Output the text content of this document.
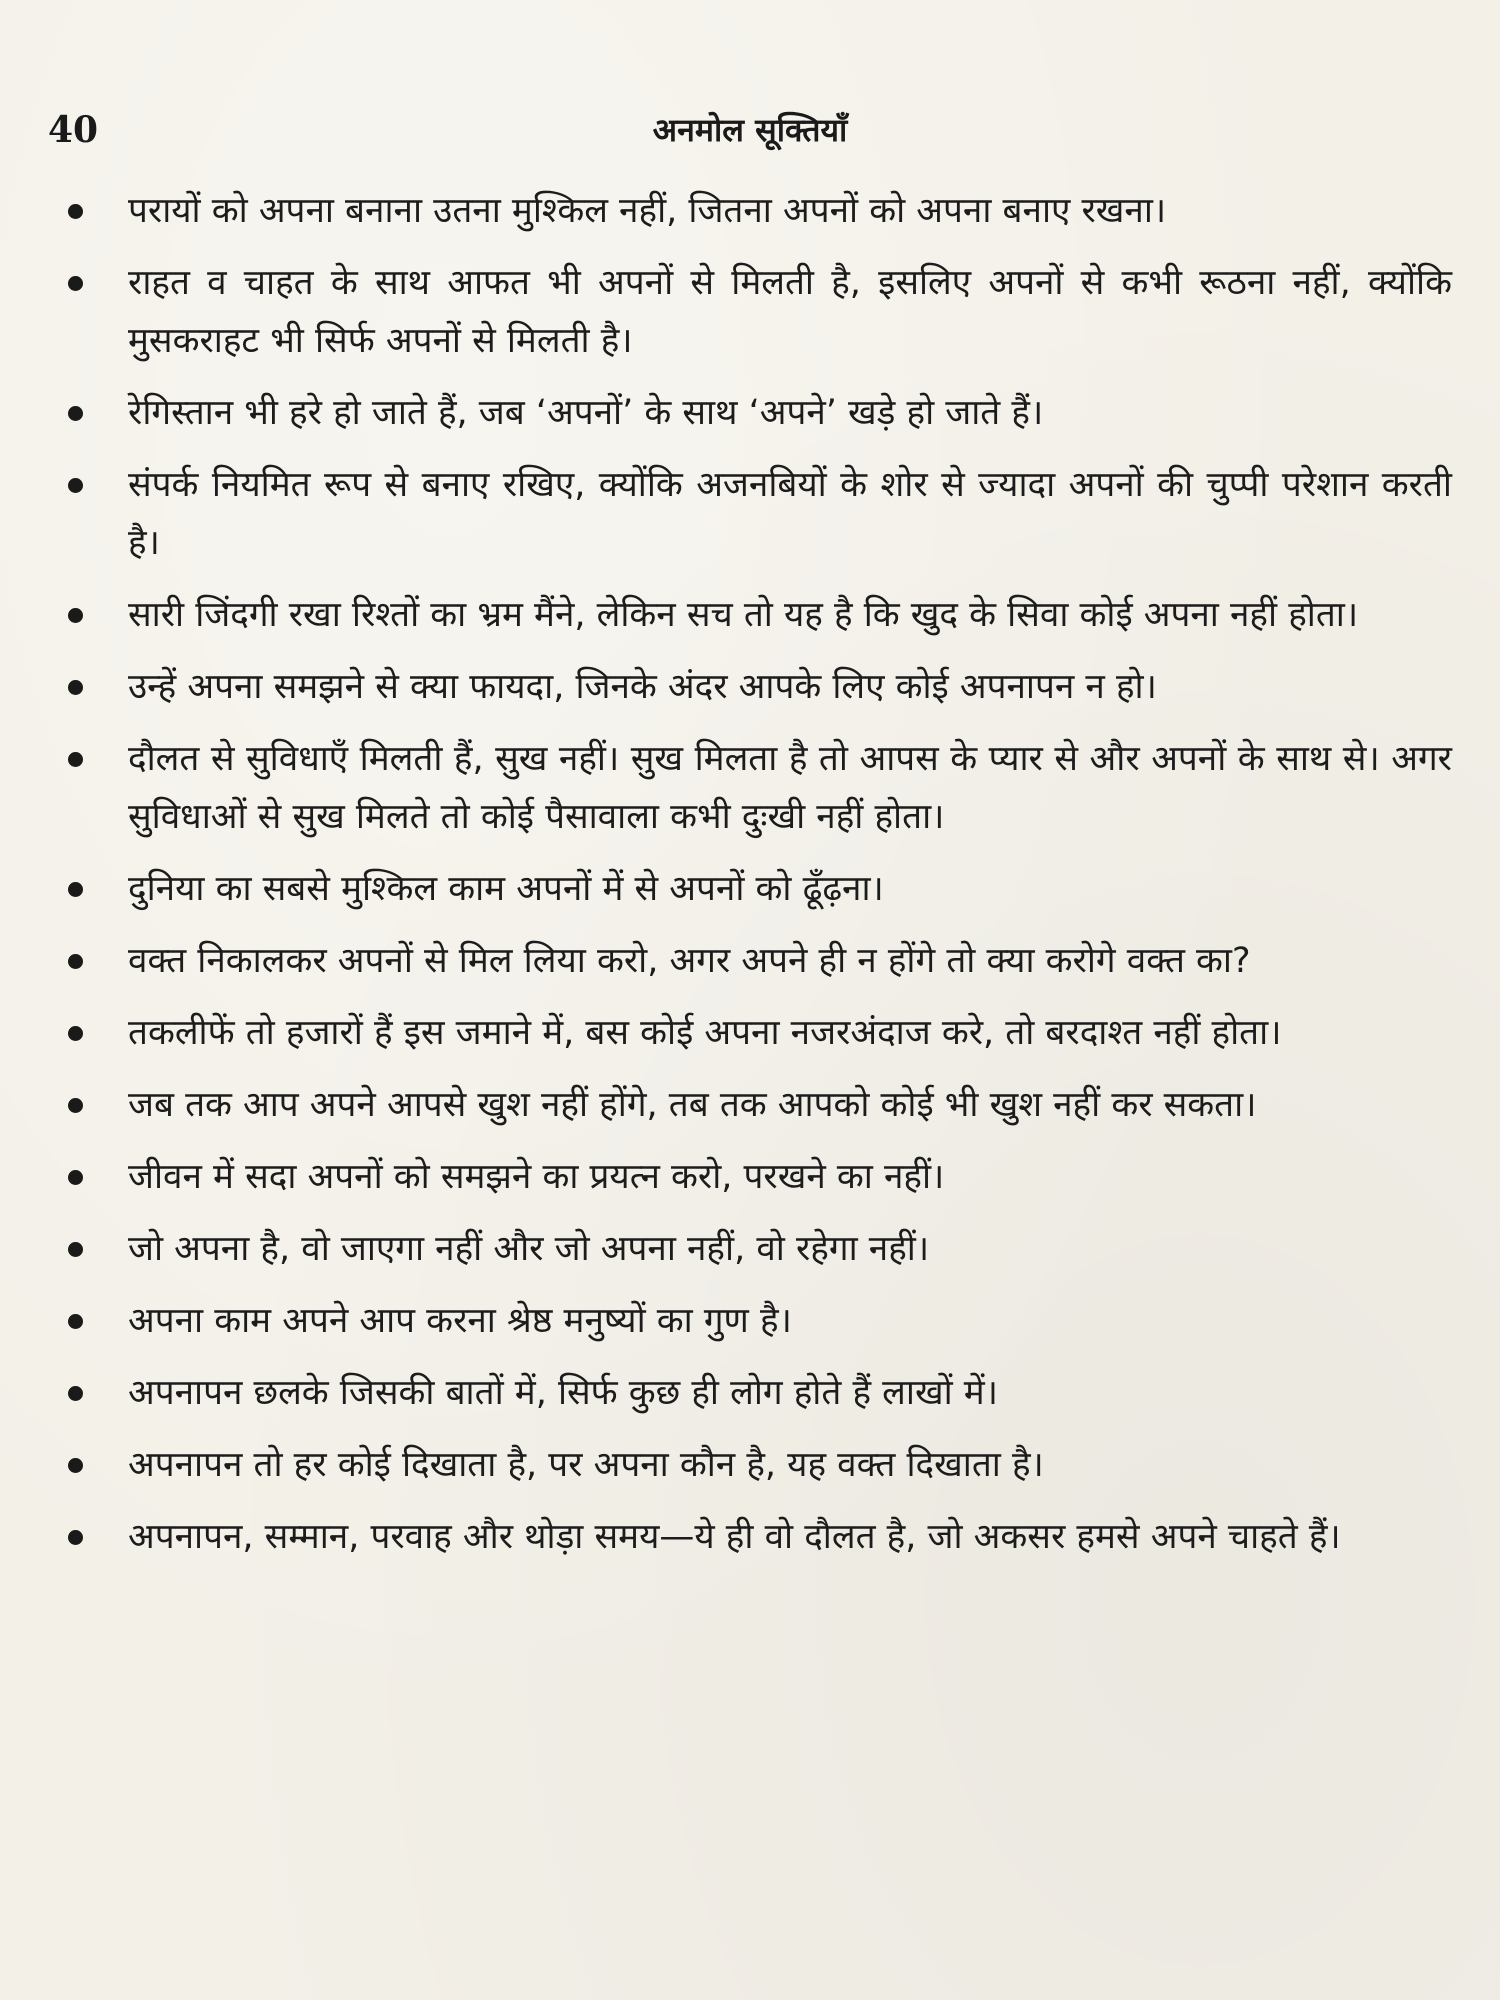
40	अनमोल सूक्तियाँ
परायों को अपना बनाना उतना मुश्किल नहीं, जितना अपनों को अपना बनाए रखना।
राहत व चाहत के साथ आफत भी अपनों से मिलती है, इसलिए अपनों से कभी रूठना नहीं, क्योंकि मुसकराहट भी सिर्फ अपनों से मिलती है।
रेगिस्तान भी हरे हो जाते हैं, जब ‘अपनों’ के साथ ‘अपने’ खड़े हो जाते हैं।
संपर्क नियमित रूप से बनाए रखिए, क्योंकि अजनबियों के शोर से ज्यादा अपनों की चुप्पी परेशान करती है।
सारी जिंदगी रखा रिश्तों का भ्रम मैंने, लेकिन सच तो यह है कि खुद के सिवा कोई अपना नहीं होता।
उन्हें अपना समझने से क्या फायदा, जिनके अंदर आपके लिए कोई अपनापन न हो।
दौलत से सुविधाएँ मिलती हैं, सुख नहीं। सुख मिलता है तो आपस के प्यार से और अपनों के साथ से। अगर सुविधाओं से सुख मिलते तो कोई पैसावाला कभी दुःखी नहीं होता।
दुनिया का सबसे मुश्किल काम अपनों में से अपनों को ढूँढ़ना।
वक्त निकालकर अपनों से मिल लिया करो, अगर अपने ही न होंगे तो क्या करोगे वक्त का?
तकलीफें तो हजारों हैं इस जमाने में, बस कोई अपना नजरअंदाज करे, तो बरदाश्त नहीं होता।
जब तक आप अपने आपसे खुश नहीं होंगे, तब तक आपको कोई भी खुश नहीं कर सकता।
जीवन में सदा अपनों को समझने का प्रयत्न करो, परखने का नहीं।
जो अपना है, वो जाएगा नहीं और जो अपना नहीं, वो रहेगा नहीं।
अपना काम अपने आप करना श्रेष्ठ मनुष्यों का गुण है।
अपनापन छलके जिसकी बातों में, सिर्फ कुछ ही लोग होते हैं लाखों में।
अपनापन तो हर कोई दिखाता है, पर अपना कौन है, यह वक्त दिखाता है।
अपनापन, सम्मान, परवाह और थोड़ा समय—ये ही वो दौलत है, जो अकसर हमसे अपने चाहते हैं।
